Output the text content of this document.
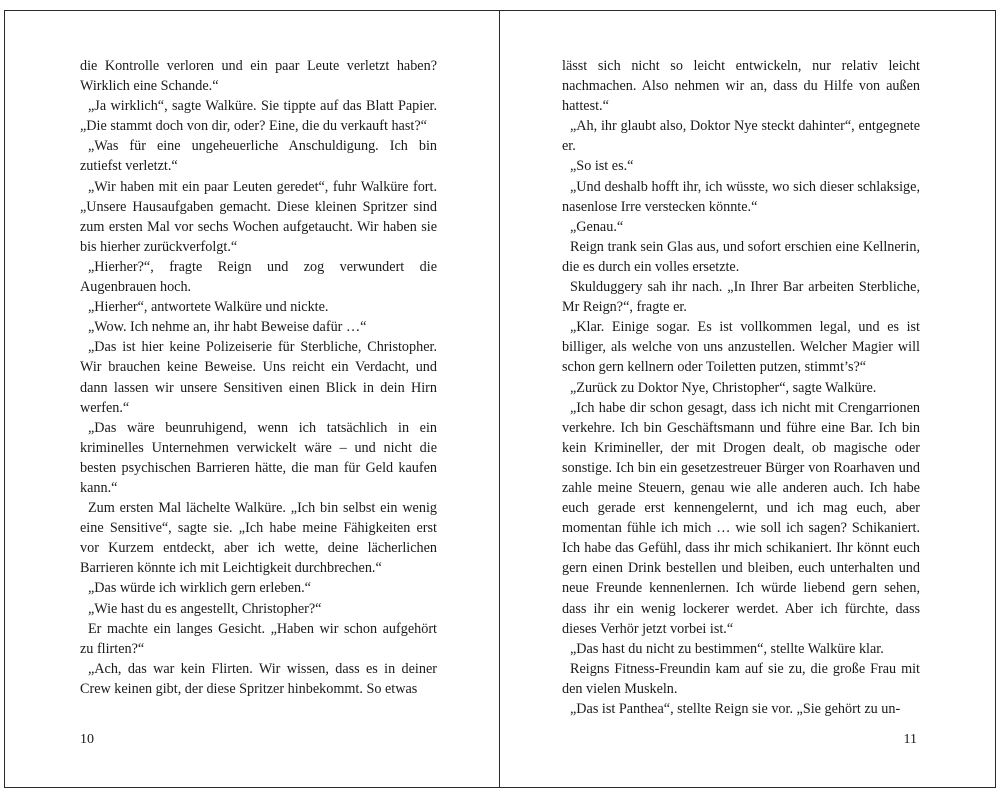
die Kontrolle verloren und ein paar Leute verletzt haben? Wirklich eine Schande.“

„Ja wirklich“, sagte Walküre. Sie tippte auf das Blatt Papier. „Die stammt doch von dir, oder? Eine, die du verkauft hast?“

„Was für eine ungeheuerliche Anschuldigung. Ich bin zutiefst verletzt.“

„Wir haben mit ein paar Leuten geredet“, fuhr Walküre fort. „Unsere Hausaufgaben gemacht. Diese kleinen Spritzer sind zum ersten Mal vor sechs Wochen aufgetaucht. Wir haben sie bis hierher zurückverfolgt.“

„Hierher?“, fragte Reign und zog verwundert die Augenbrauen hoch.

„Hierher“, antwortete Walküre und nickte.

„Wow. Ich nehme an, ihr habt Beweise dafür …“

„Das ist hier keine Polizeiserie für Sterbliche, Christopher. Wir brauchen keine Beweise. Uns reicht ein Verdacht, und dann lassen wir unsere Sensitiven einen Blick in dein Hirn werfen.“

„Das wäre beunruhigend, wenn ich tatsächlich in ein kriminelles Unternehmen verwickelt wäre – und nicht die besten psychischen Barrieren hätte, die man für Geld kaufen kann.“

Zum ersten Mal lächelte Walküre. „Ich bin selbst ein wenig eine Sensitive“, sagte sie. „Ich habe meine Fähigkeiten erst vor Kurzem entdeckt, aber ich wette, deine lächerlichen Barrieren könnte ich mit Leichtigkeit durchbrechen.“

„Das würde ich wirklich gern erleben.“

„Wie hast du es angestellt, Christopher?“

Er machte ein langes Gesicht. „Haben wir schon aufgehört zu flirten?“

„Ach, das war kein Flirten. Wir wissen, dass es in deiner Crew keinen gibt, der diese Spritzer hinbekommt. So etwas

lässt sich nicht so leicht entwickeln, nur relativ leicht nachmachen. Also nehmen wir an, dass du Hilfe von außen hattest.“

„Ah, ihr glaubt also, Doktor Nye steckt dahinter“, entgegnete er.

„So ist es.“

„Und deshalb hofft ihr, ich wüsste, wo sich dieser schlaksige, nasenlose Irre verstecken könnte.“

„Genau.“

Reign trank sein Glas aus, und sofort erschien eine Kellnerin, die es durch ein volles ersetzte.

Skulduggery sah ihr nach. „In Ihrer Bar arbeiten Sterbliche, Mr Reign?“, fragte er.

„Klar. Einige sogar. Es ist vollkommen legal, und es ist billiger, als welche von uns anzustellen. Welcher Magier will schon gern kellnern oder Toiletten putzen, stimmt’s?“

„Zurück zu Doktor Nye, Christopher“, sagte Walküre.

„Ich habe dir schon gesagt, dass ich nicht mit Crengarrionen verkehre. Ich bin Geschäftsmann und führe eine Bar. Ich bin kein Krimineller, der mit Drogen dealt, ob magische oder sonstige. Ich bin ein gesetzestreuer Bürger von Roarhaven und zahle meine Steuern, genau wie alle anderen auch. Ich habe euch gerade erst kennengelernt, und ich mag euch, aber momentan fühle ich mich … wie soll ich sagen? Schikaniert. Ich habe das Gefühl, dass ihr mich schikaniert. Ihr könnt euch gern einen Drink bestellen und bleiben, euch unterhalten und neue Freunde kennenlernen. Ich würde liebend gern sehen, dass ihr ein wenig lockerer werdet. Aber ich fürchte, dass dieses Verhör jetzt vorbei ist.“

„Das hast du nicht zu bestimmen“, stellte Walküre klar.

Reigns Fitness-Freundin kam auf sie zu, die große Frau mit den vielen Muskeln.

„Das ist Panthea“, stellte Reign sie vor. „Sie gehört zu un-

10	11
